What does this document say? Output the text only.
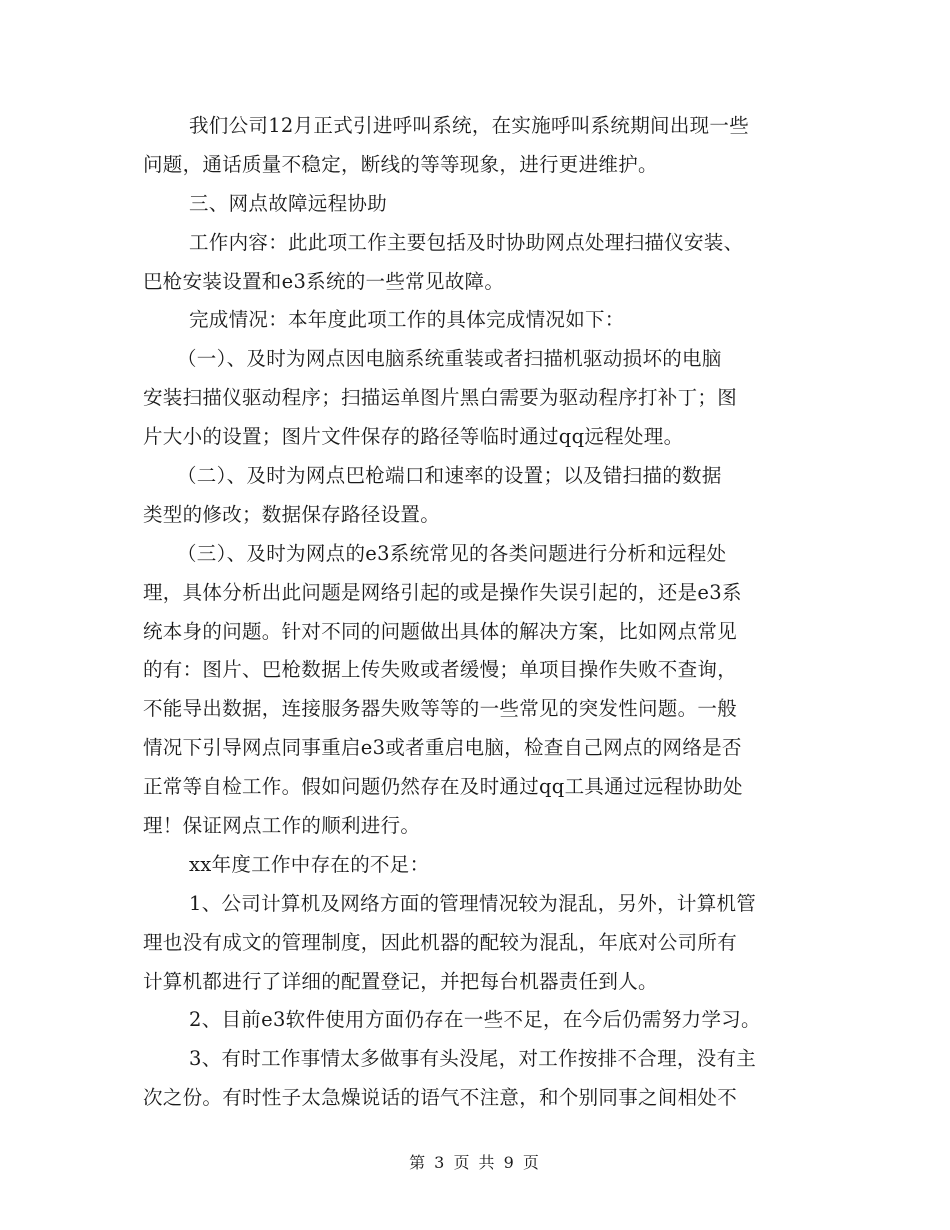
我们公司12月正式引进呼叫系统，在实施呼叫系统期间出现一些
问题，通话质量不稳定，断线的等等现象，进行更进维护。
三、网点故障远程协助
工作内容：此此项工作主要包括及时协助网点处理扫描仪安装、
巴枪安装设置和e3系统的一些常见故障。
完成情况：本年度此项工作的具体完成情况如下：
（一）、及时为网点因电脑系统重装或者扫描机驱动损坏的电脑
安装扫描仪驱动程序；扫描运单图片黑白需要为驱动程序打补丁；图
片大小的设置；图片文件保存的路径等临时通过qq远程处理。
（二）、及时为网点巴枪端口和速率的设置；以及错扫描的数据
类型的修改；数据保存路径设置。
（三）、及时为网点的e3系统常见的各类问题进行分析和远程处
理，具体分析出此问题是网络引起的或是操作失误引起的，还是e3系
统本身的问题。针对不同的问题做出具体的解决方案，比如网点常见
的有：图片、巴枪数据上传失败或者缓慢；单项目操作失败不查询，
不能导出数据，连接服务器失败等等的一些常见的突发性问题。一般
情况下引导网点同事重启e3或者重启电脑，检查自己网点的网络是否
正常等自检工作。假如问题仍然存在及时通过qq工具通过远程协助处
理！保证网点工作的顺利进行。
xx年度工作中存在的不足：
1、公司计算机及网络方面的管理情况较为混乱，另外，计算机管
理也没有成文的管理制度，因此机器的配较为混乱，年底对公司所有
计算机都进行了详细的配置登记，并把每台机器责任到人。
2、目前e3软件使用方面仍存在一些不足，在今后仍需努力学习。
3、有时工作事情太多做事有头没尾，对工作按排不合理，没有主
次之份。有时性子太急燥说话的语气不注意，和个别同事之间相处不
第 3 页 共 9 页
